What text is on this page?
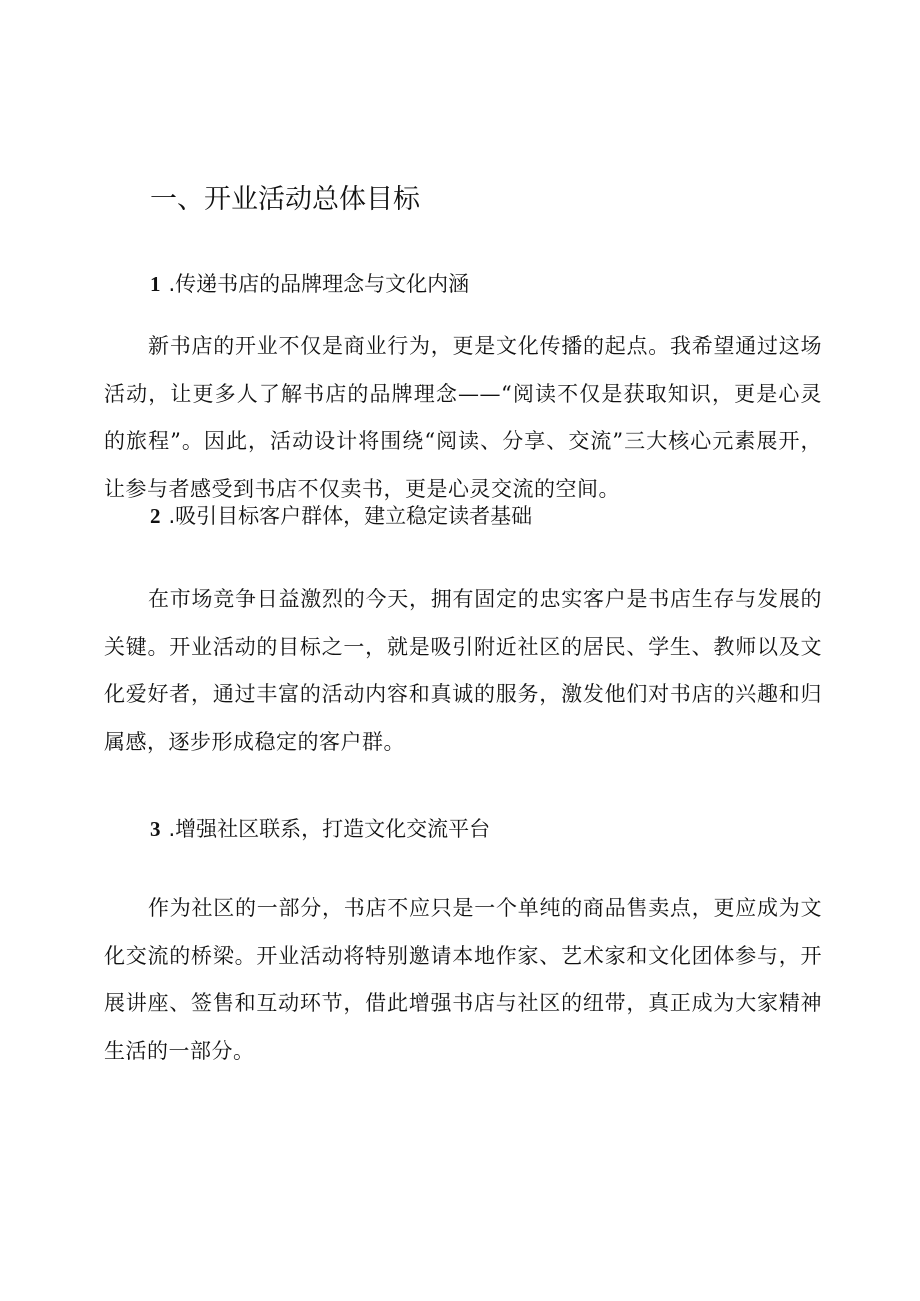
一、开业活动总体目标
1 .传递书店的品牌理念与文化内涵

新书店的开业不仅是商业行为，更是文化传播的起点。我希望通过这场活动，让更多人了解书店的品牌理念——“阅读不仅是获取知识，更是心灵的旅程”。因此，活动设计将围绕“阅读、分享、交流”三大核心元素展开，让参与者感受到书店不仅卖书，更是心灵交流的空间。

2 .吸引目标客户群体，建立稳定读者基础

在市场竞争日益激烈的今天，拥有固定的忠实客户是书店生存与发展的关键。开业活动的目标之一，就是吸引附近社区的居民、学生、教师以及文化爱好者，通过丰富的活动内容和真诚的服务，激发他们对书店的兴趣和归属感，逐步形成稳定的客户群。

3 .增强社区联系，打造文化交流平台

作为社区的一部分，书店不应只是一个单纯的商品售卖点，更应成为文化交流的桥梁。开业活动将特别邀请本地作家、艺术家和文化团体参与，开展讲座、签售和互动环节，借此增强书店与社区的纽带，真正成为大家精神生活的一部分。
